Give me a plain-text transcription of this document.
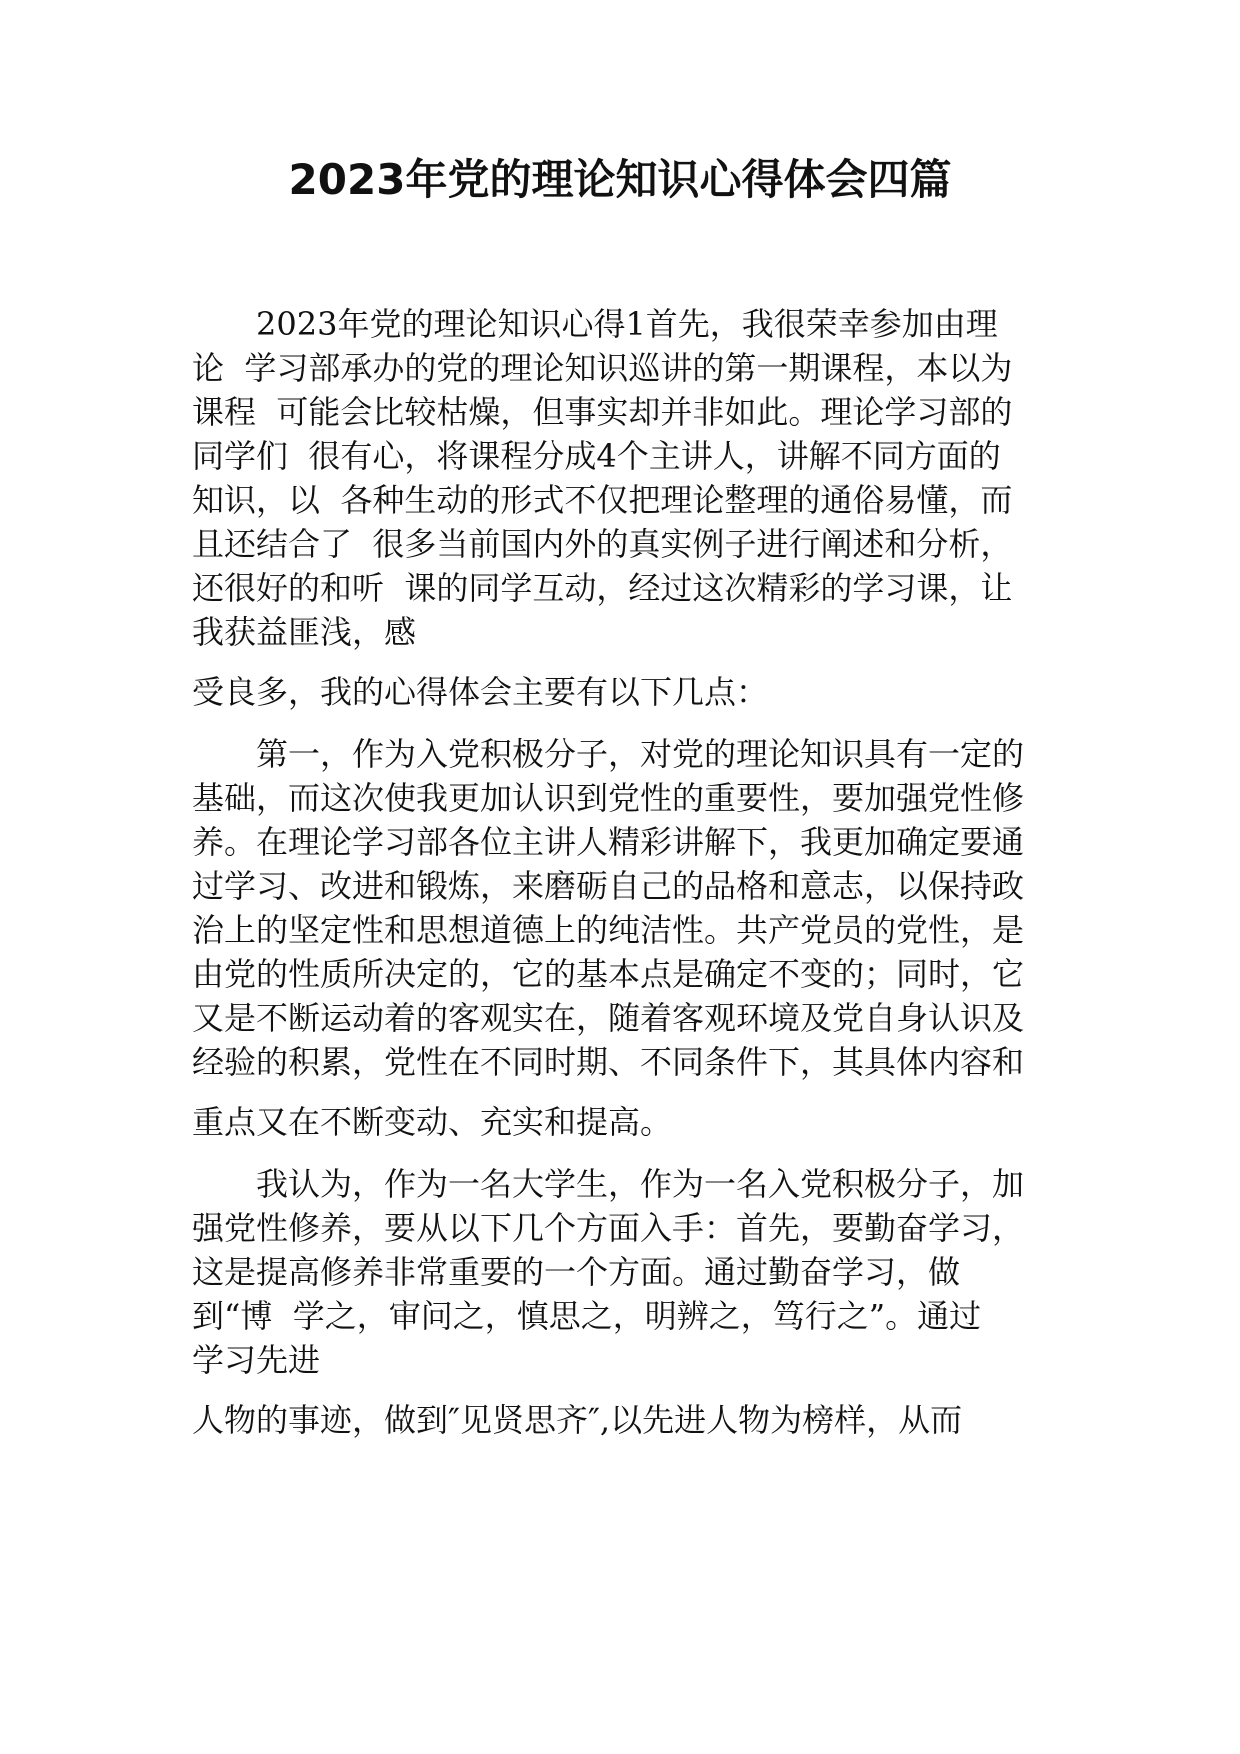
2023年党的理论知识心得体会四篇
2023年党的理论知识心得1首先，我很荣幸参加由理
论  学习部承办的党的理论知识巡讲的第一期课程，本以为
课程  可能会比较枯燥，但事实却并非如此。理论学习部的
同学们  很有心，将课程分成4个主讲人，讲解不同方面的
知识，以  各种生动的形式不仅把理论整理的通俗易懂，而
且还结合了  很多当前国内外的真实例子进行阐述和分析，
还很好的和听  课的同学互动，经过这次精彩的学习课，让
我获益匪浅，感
受良多，我的心得体会主要有以下几点：
第一，作为入党积极分子，对党的理论知识具有一定的
基础，而这次使我更加认识到党性的重要性，要加强党性修
养。在理论学习部各位主讲人精彩讲解下，我更加确定要通
过学习、改进和锻炼，来磨砺自己的品格和意志，以保持政
治上的坚定性和思想道德上的纯洁性。共产党员的党性，是
由党的性质所决定的，它的基本点是确定不变的；同时，它
又是不断运动着的客观实在，随着客观环境及党自身认识及
经验的积累，党性在不同时期、不同条件下，其具体内容和
重点又在不断变动、充实和提高。
我认为，作为一名大学生，作为一名入党积极分子，加
强党性修养，要从以下几个方面入手：首先，要勤奋学习，
这是提高修养非常重要的一个方面。通过勤奋学习，做
到“博  学之，审问之，慎思之，明辨之，笃行之”。通过
学习先进
人物的事迹，做到″见贤思齐″,以先进人物为榜样，从而
